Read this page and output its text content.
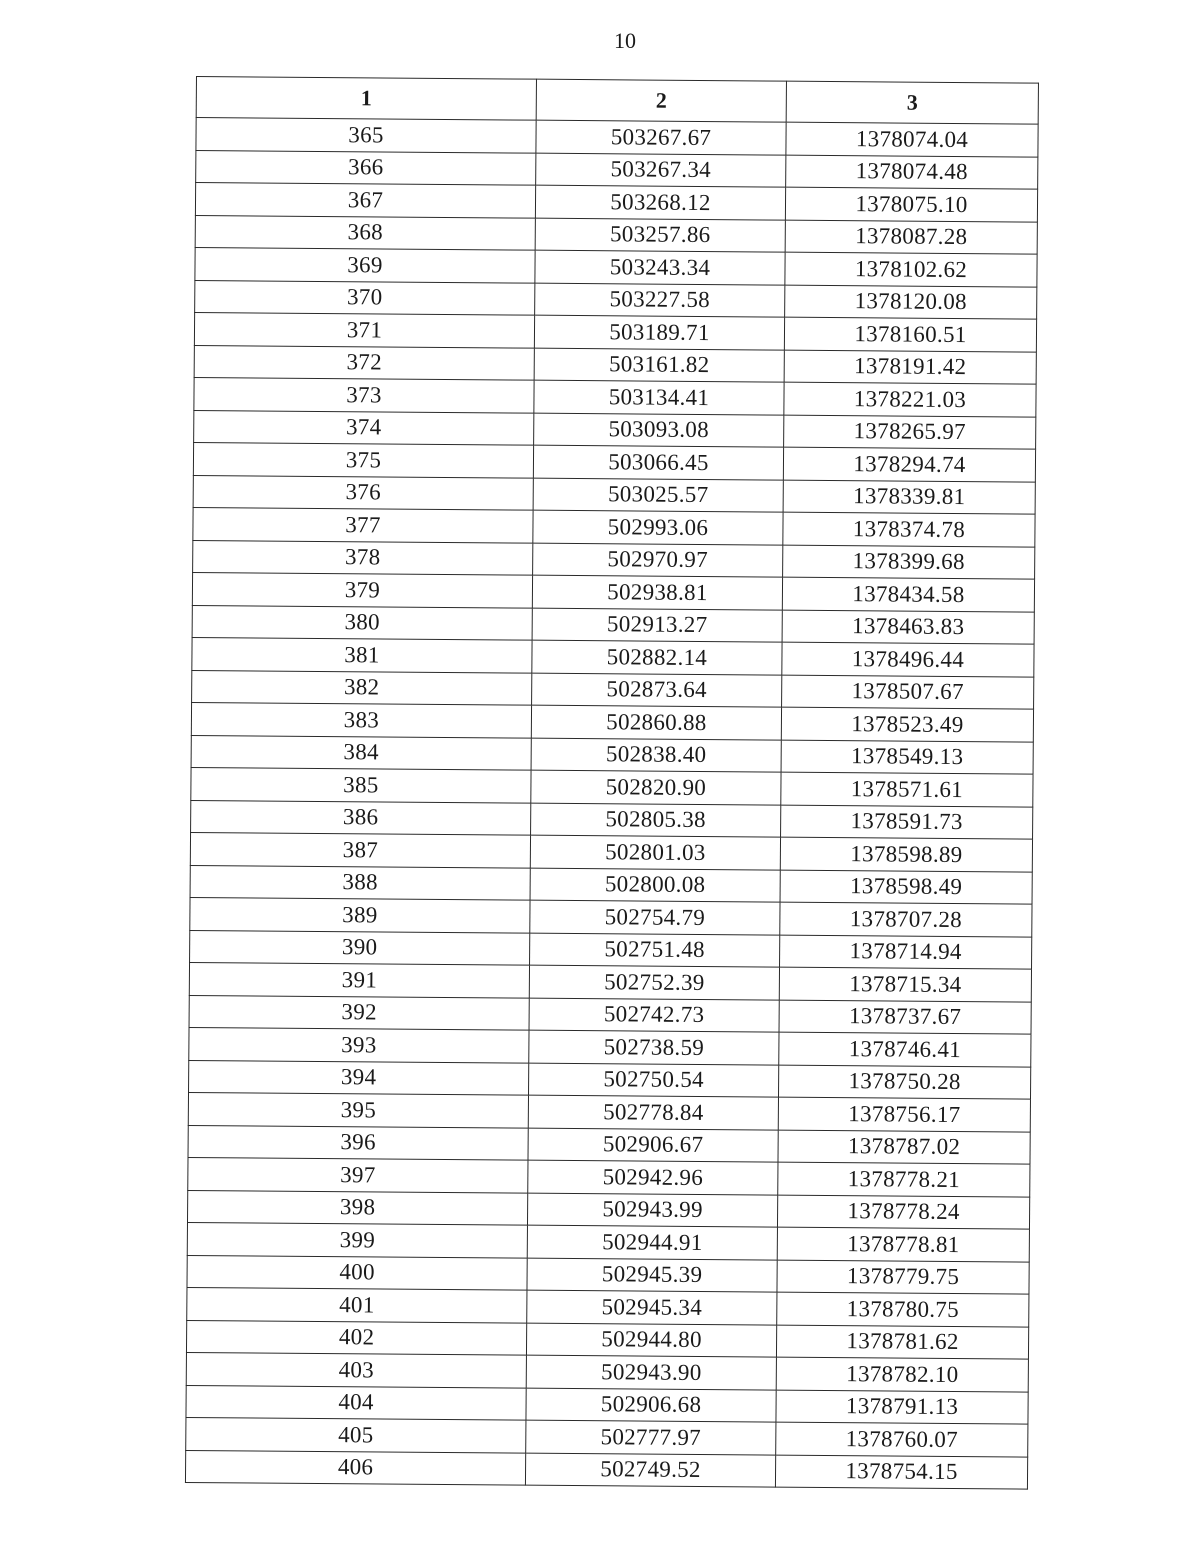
10
1	2	3
365	503267.67	1378074.04
366	503267.34	1378074.48
367	503268.12	1378075.10
368	503257.86	1378087.28
369	503243.34	1378102.62
370	503227.58	1378120.08
371	503189.71	1378160.51
372	503161.82	1378191.42
373	503134.41	1378221.03
374	503093.08	1378265.97
375	503066.45	1378294.74
376	503025.57	1378339.81
377	502993.06	1378374.78
378	502970.97	1378399.68
379	502938.81	1378434.58
380	502913.27	1378463.83
381	502882.14	1378496.44
382	502873.64	1378507.67
383	502860.88	1378523.49
384	502838.40	1378549.13
385	502820.90	1378571.61
386	502805.38	1378591.73
387	502801.03	1378598.89
388	502800.08	1378598.49
389	502754.79	1378707.28
390	502751.48	1378714.94
391	502752.39	1378715.34
392	502742.73	1378737.67
393	502738.59	1378746.41
394	502750.54	1378750.28
395	502778.84	1378756.17
396	502906.67	1378787.02
397	502942.96	1378778.21
398	502943.99	1378778.24
399	502944.91	1378778.81
400	502945.39	1378779.75
401	502945.34	1378780.75
402	502944.80	1378781.62
403	502943.90	1378782.10
404	502906.68	1378791.13
405	502777.97	1378760.07
406	502749.52	1378754.15
